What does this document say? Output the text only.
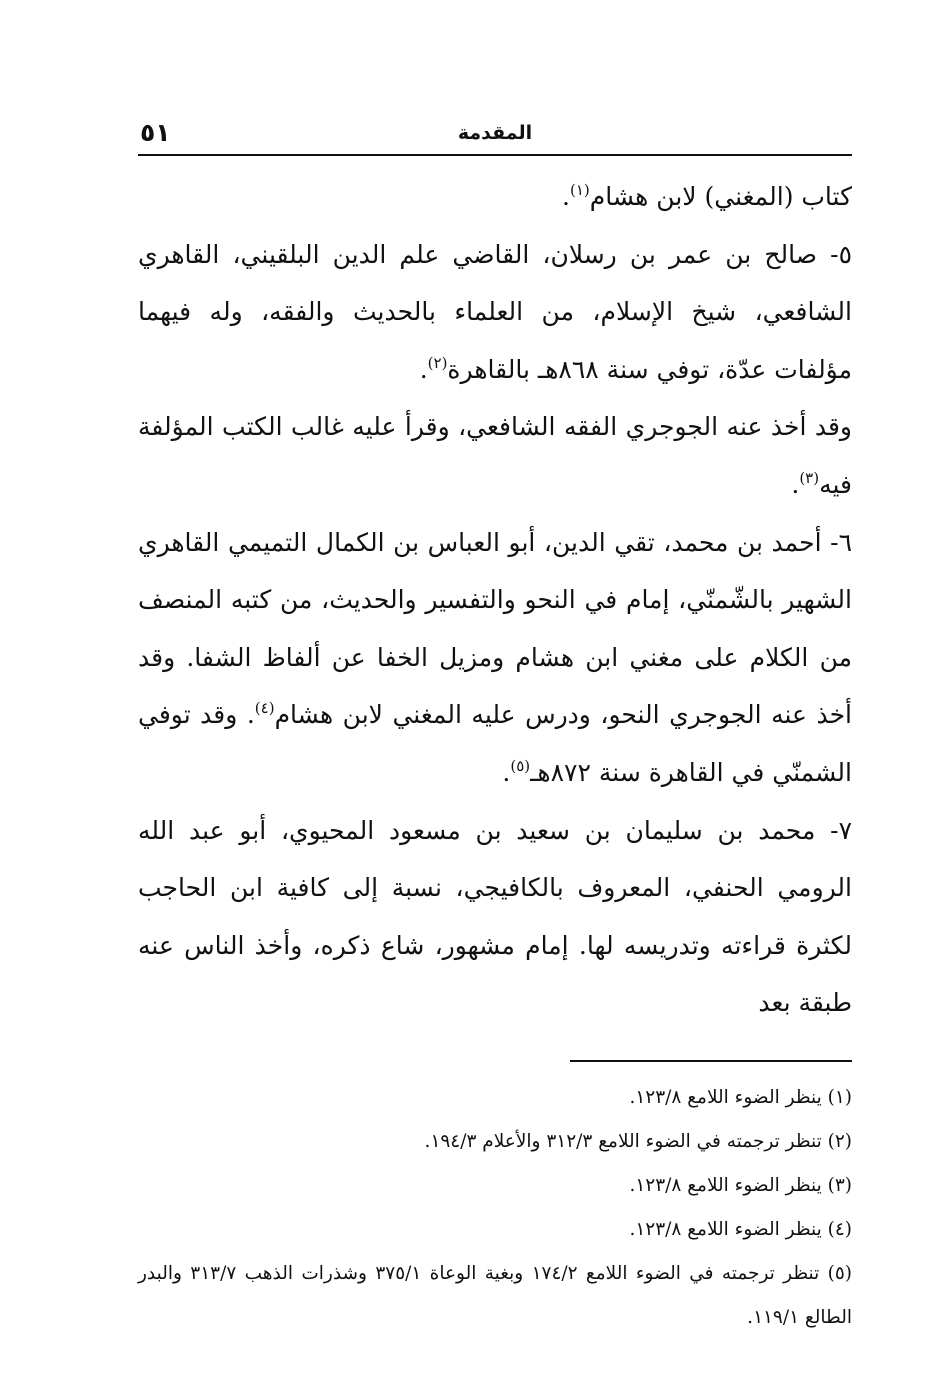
المقدمة
٥١

كتاب (المغني) لابن هشام$^{(١)}$.

٥- صالح بن عمر بن رسلان، القاضي علم الدين البلقيني، القاهري الشافعي، شيخ الإسلام، من العلماء بالحديث والفقه، وله فيهما مؤلفات عدّة، توفي سنة ٨٦٨هـ بالقاهرة$^{(٢)}$.

وقد أخذ عنه الجوجري الفقه الشافعي، وقرأ عليه غالب الكتب المؤلفة فيه$^{(٣)}$.

٦- أحمد بن محمد، تقي الدين، أبو العباس بن الكمال التميمي القاهري الشهير بالشّمنّي، إمام في النحو والتفسير والحديث، من كتبه المنصف من الكلام على مغني ابن هشام ومزيل الخفا عن ألفاظ الشفا. وقد أخذ عنه الجوجري النحو، ودرس عليه المغني لابن هشام$^{(٤)}$. وقد توفي الشمنّي في القاهرة سنة ٨٧٢هـ$^{(٥)}$.

٧- محمد بن سليمان بن سعيد بن مسعود المحيوي، أبو عبد الله الرومي الحنفي، المعروف بالكافيجي، نسبة إلى كافية ابن الحاجب لكثرة قراءته وتدريسه لها. إمام مشهور، شاع ذكره، وأخذ الناس عنه طبقة بعد

(١) ينظر الضوء اللامع ١٢٣/٨.

(٢) تنظر ترجمته في الضوء اللامع ٣١٢/٣ والأعلام ١٩٤/٣.

(٣) ينظر الضوء اللامع ١٢٣/٨.

(٤) ينظر الضوء اللامع ١٢٣/٨.

(٥) تنظر ترجمته في الضوء اللامع ١٧٤/٢ وبغية الوعاة ٣٧٥/١ وشذرات الذهب ٣١٣/٧ والبدر الطالع ١١٩/١.
